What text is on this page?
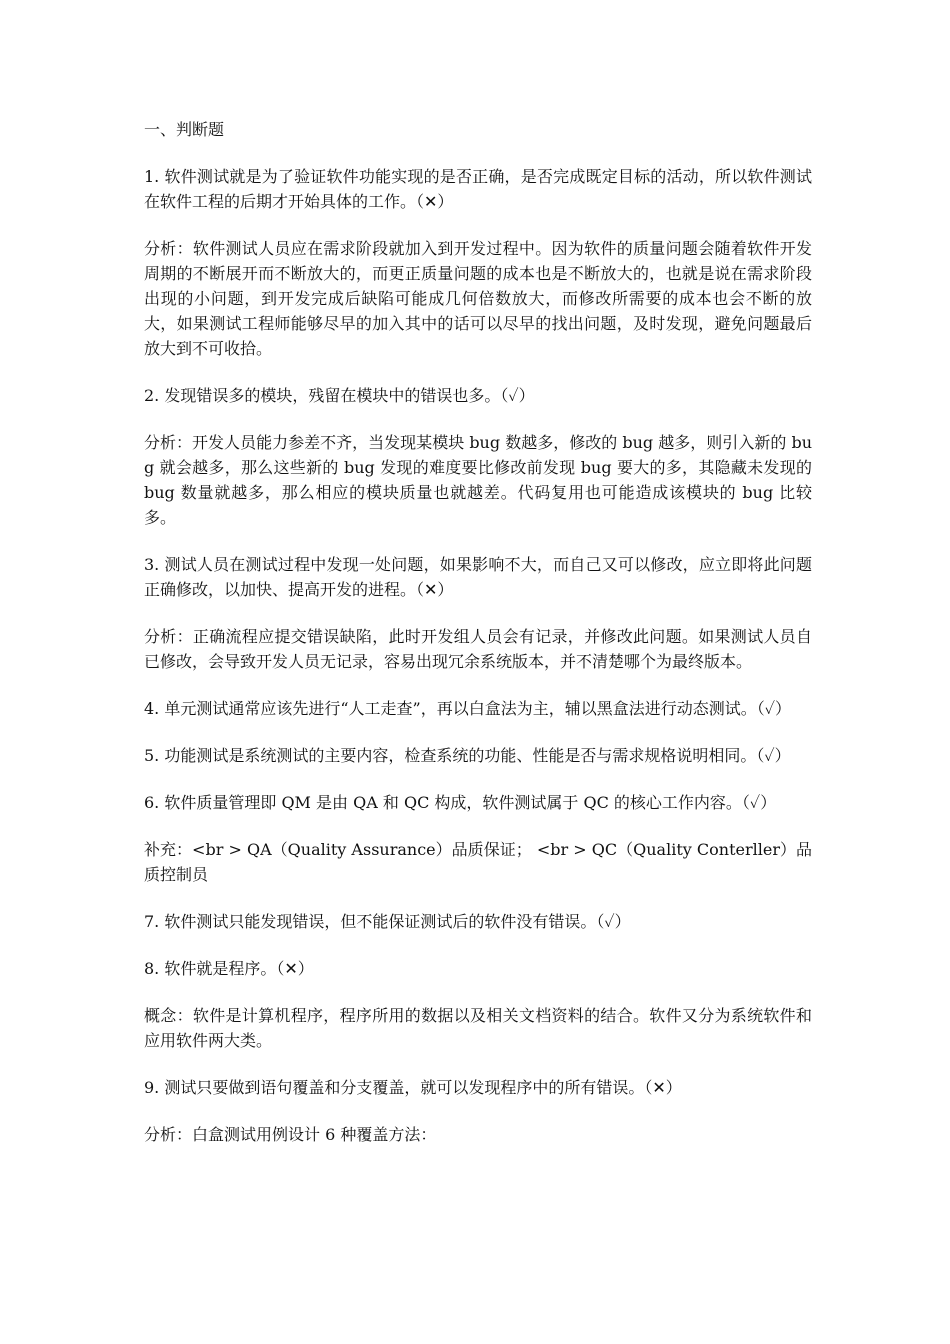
一、判断题

1. 软件测试就是为了验证软件功能实现的是否正确，是否完成既定目标的活动，所以软件测试在软件工程的后期才开始具体的工作。（✕）

分析：软件测试人员应在需求阶段就加入到开发过程中。因为软件的质量问题会随着软件开发周期的不断展开而不断放大的，而更正质量问题的成本也是不断放大的，也就是说在需求阶段出现的小问题，到开发完成后缺陷可能成几何倍数放大，而修改所需要的成本也会不断的放大，如果测试工程师能够尽早的加入其中的话可以尽早的找出问题，及时发现，避免问题最后放大到不可收拾。

2. 发现错误多的模块，残留在模块中的错误也多。（✓）

分析：开发人员能力参差不齐，当发现某模块 bug 数越多，修改的 bug 越多，则引入新的 bug 就会越多，那么这些新的 bug 发现的难度要比修改前发现 bug 要大的多，其隐藏未发现的 bug 数量就越多，那么相应的模块质量也就越差。代码复用也可能造成该模块的 bug 比较多。

3. 测试人员在测试过程中发现一处问题，如果影响不大，而自己又可以修改，应立即将此问题正确修改，以加快、提高开发的进程。（✕）

分析：正确流程应提交错误缺陷，此时开发组人员会有记录，并修改此问题。如果测试人员自已修改，会导致开发人员无记录，容易出现冗余系统版本，并不清楚哪个为最终版本。

4. 单元测试通常应该先进行“人工走查”，再以白盒法为主，辅以黑盒法进行动态测试。（✓）

5. 功能测试是系统测试的主要内容，检查系统的功能、性能是否与需求规格说明相同。（✓）

6. 软件质量管理即 QM 是由 QA 和 QC 构成，软件测试属于 QC 的核心工作内容。（✓）

补充：<br > QA（Quality Assurance）品质保证； <br > QC（Quality Conterller）品质控制员

7. 软件测试只能发现错误，但不能保证测试后的软件没有错误。（✓）

8. 软件就是程序。（✕）

概念：软件是计算机程序，程序所用的数据以及相关文档资料的结合。软件又分为系统软件和应用软件两大类。

9. 测试只要做到语句覆盖和分支覆盖，就可以发现程序中的所有错误。（✕）

分析：白盒测试用例设计 6 种覆盖方法：
